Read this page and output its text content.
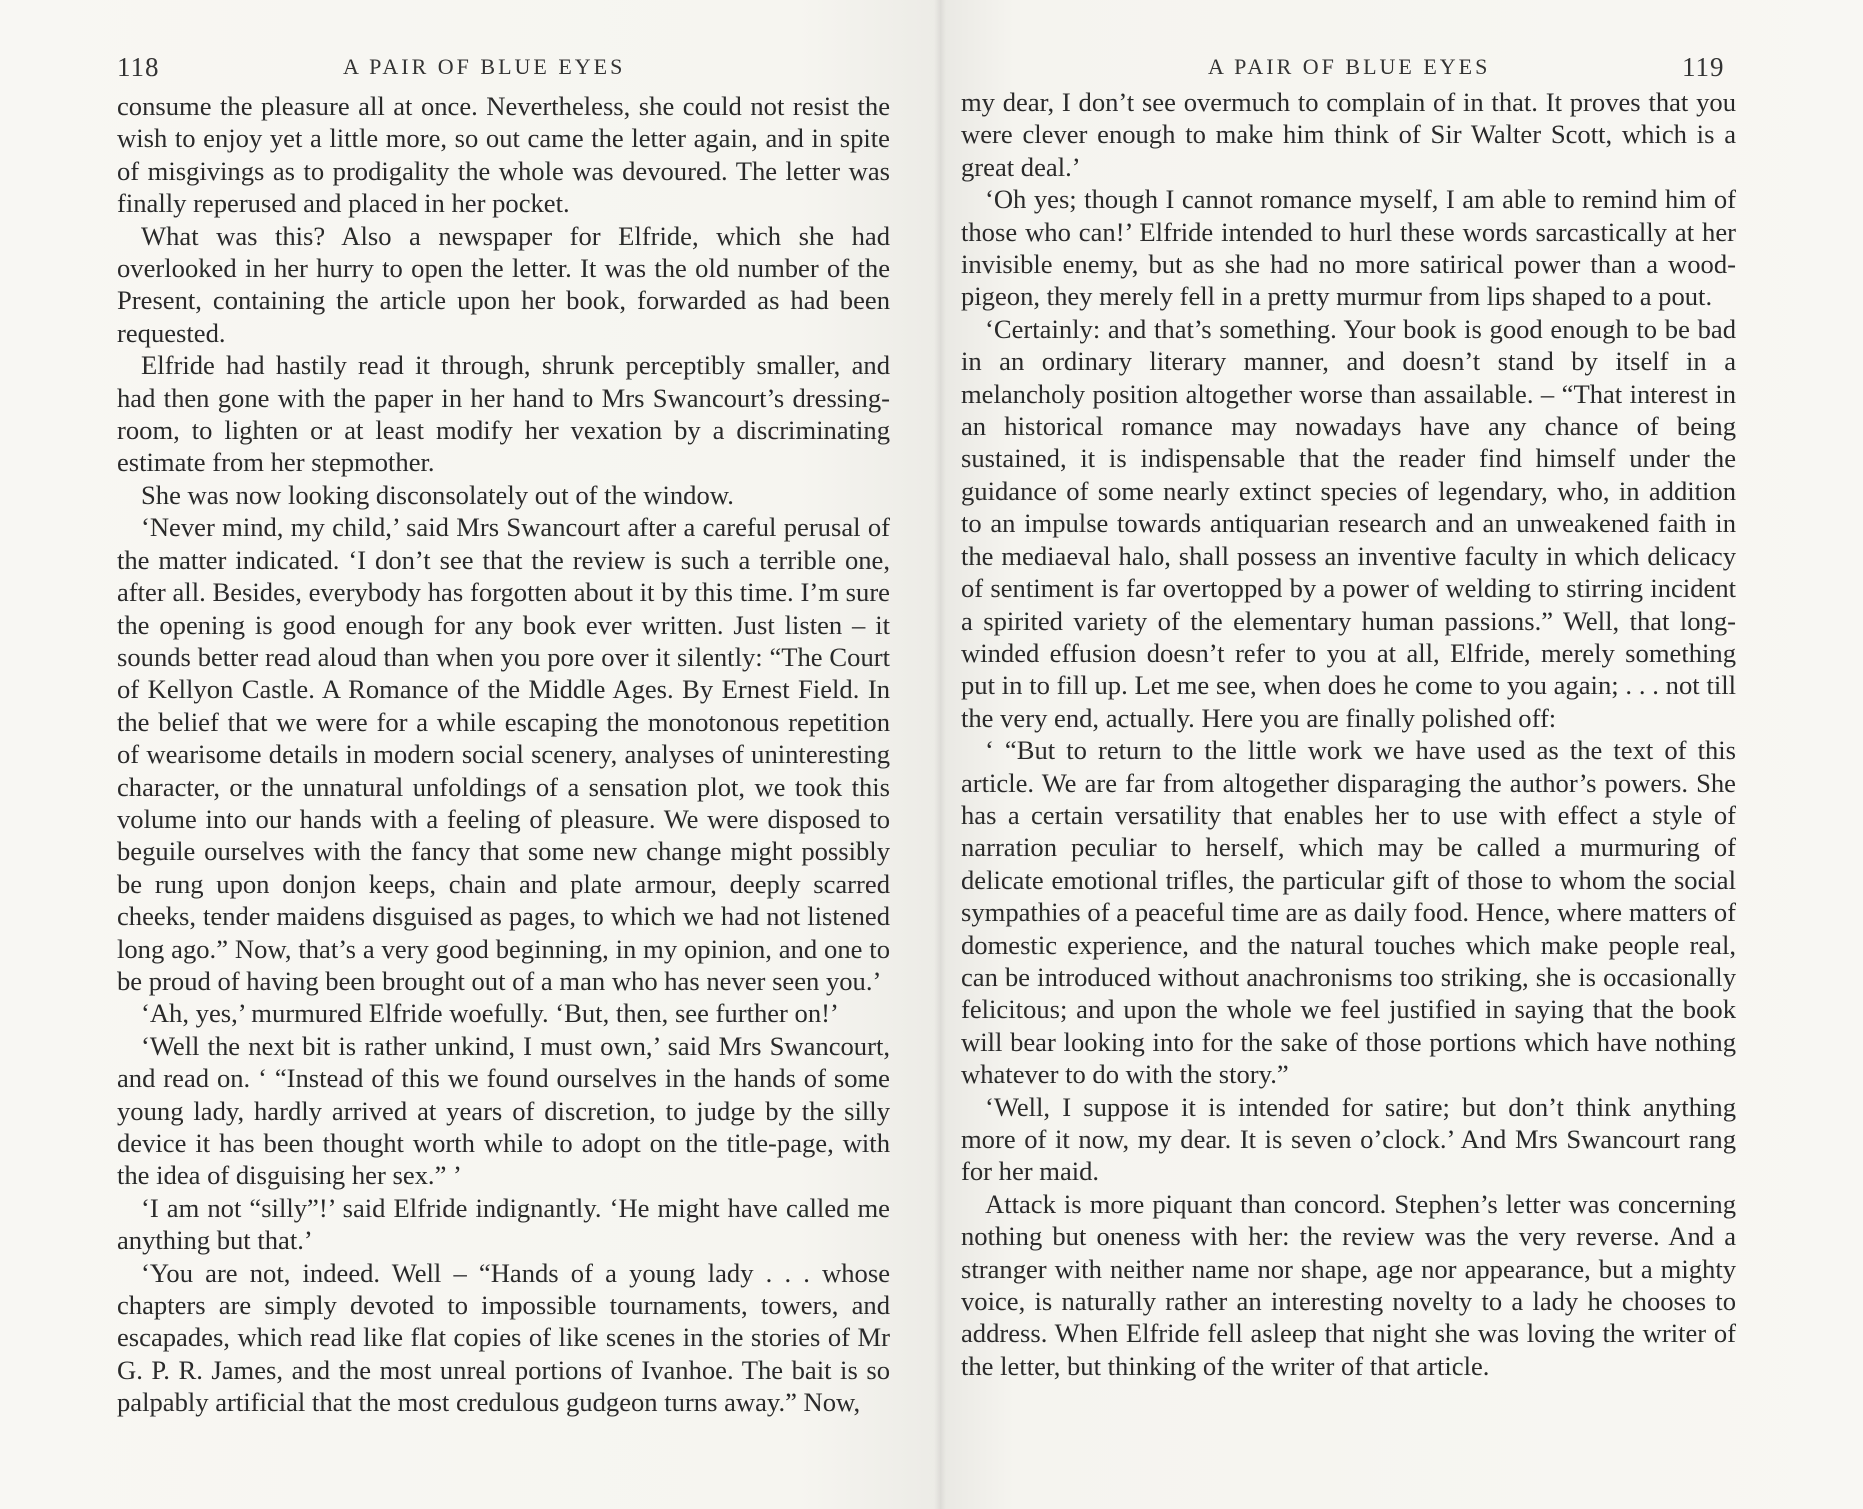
118	A PAIR OF BLUE EYES

consume the pleasure all at once. Nevertheless, she could not resist the wish to enjoy yet a little more, so out came the letter again, and in spite of misgivings as to prodigality the whole was devoured. The letter was finally reperused and placed in her pocket.

What was this? Also a newspaper for Elfride, which she had overlooked in her hurry to open the letter. It was the old number of the Present, containing the article upon her book, forwarded as had been requested.

Elfride had hastily read it through, shrunk perceptibly smaller, and had then gone with the paper in her hand to Mrs Swancourt’s dressing-room, to lighten or at least modify her vexation by a discriminating estimate from her stepmother.

She was now looking disconsolately out of the window.

‘Never mind, my child,’ said Mrs Swancourt after a careful perusal of the matter indicated. ‘I don’t see that the review is such a terrible one, after all. Besides, everybody has forgotten about it by this time. I’m sure the opening is good enough for any book ever written. Just listen – it sounds better read aloud than when you pore over it silently: “The Court of Kellyon Castle. A Romance of the Middle Ages. By Ernest Field. In the belief that we were for a while escaping the monotonous repetition of wearisome details in modern social scenery, analyses of uninteresting character, or the unnatural unfoldings of a sensation plot, we took this volume into our hands with a feeling of pleasure. We were disposed to beguile ourselves with the fancy that some new change might possibly be rung upon donjon keeps, chain and plate armour, deeply scarred cheeks, tender maidens disguised as pages, to which we had not listened long ago.” Now, that’s a very good beginning, in my opinion, and one to be proud of having been brought out of a man who has never seen you.’

‘Ah, yes,’ murmured Elfride woefully. ‘But, then, see further on!’

‘Well the next bit is rather unkind, I must own,’ said Mrs Swancourt, and read on. ‘ “Instead of this we found ourselves in the hands of some young lady, hardly arrived at years of discretion, to judge by the silly device it has been thought worth while to adopt on the title-page, with the idea of disguising her sex.” ’

‘I am not “silly”!’ said Elfride indignantly. ‘He might have called me anything but that.’

‘You are not, indeed. Well – “Hands of a young lady . . . whose chapters are simply devoted to impossible tournaments, towers, and escapades, which read like flat copies of like scenes in the stories of Mr G. P. R. James, and the most unreal portions of Ivanhoe. The bait is so palpably artificial that the most credulous gudgeon turns away.” Now,

A PAIR OF BLUE EYES	119

my dear, I don’t see overmuch to complain of in that. It proves that you were clever enough to make him think of Sir Walter Scott, which is a great deal.’

‘Oh yes; though I cannot romance myself, I am able to remind him of those who can!’ Elfride intended to hurl these words sarcastically at her invisible enemy, but as she had no more satirical power than a wood-pigeon, they merely fell in a pretty murmur from lips shaped to a pout.

‘Certainly: and that’s something. Your book is good enough to be bad in an ordinary literary manner, and doesn’t stand by itself in a melancholy position altogether worse than assailable. – “That interest in an historical romance may nowadays have any chance of being sustained, it is indispensable that the reader find himself under the guidance of some nearly extinct species of legendary, who, in addition to an impulse towards antiquarian research and an unweakened faith in the mediaeval halo, shall possess an inventive faculty in which delicacy of sentiment is far overtopped by a power of welding to stirring incident a spirited variety of the elementary human passions.” Well, that long-winded effusion doesn’t refer to you at all, Elfride, merely something put in to fill up. Let me see, when does he come to you again; . . . not till the very end, actually. Here you are finally polished off:

‘ “But to return to the little work we have used as the text of this article. We are far from altogether disparaging the author’s powers. She has a certain versatility that enables her to use with effect a style of narration peculiar to herself, which may be called a murmuring of delicate emotional trifles, the particular gift of those to whom the social sympathies of a peaceful time are as daily food. Hence, where matters of domestic experience, and the natural touches which make people real, can be introduced without anachronisms too striking, she is occasionally felicitous; and upon the whole we feel justified in saying that the book will bear looking into for the sake of those portions which have nothing whatever to do with the story.”

‘Well, I suppose it is intended for satire; but don’t think anything more of it now, my dear. It is seven o’clock.’ And Mrs Swancourt rang for her maid.

Attack is more piquant than concord. Stephen’s letter was concerning nothing but oneness with her: the review was the very reverse. And a stranger with neither name nor shape, age nor appearance, but a mighty voice, is naturally rather an interesting novelty to a lady he chooses to address. When Elfride fell asleep that night she was loving the writer of the letter, but thinking of the writer of that article.
